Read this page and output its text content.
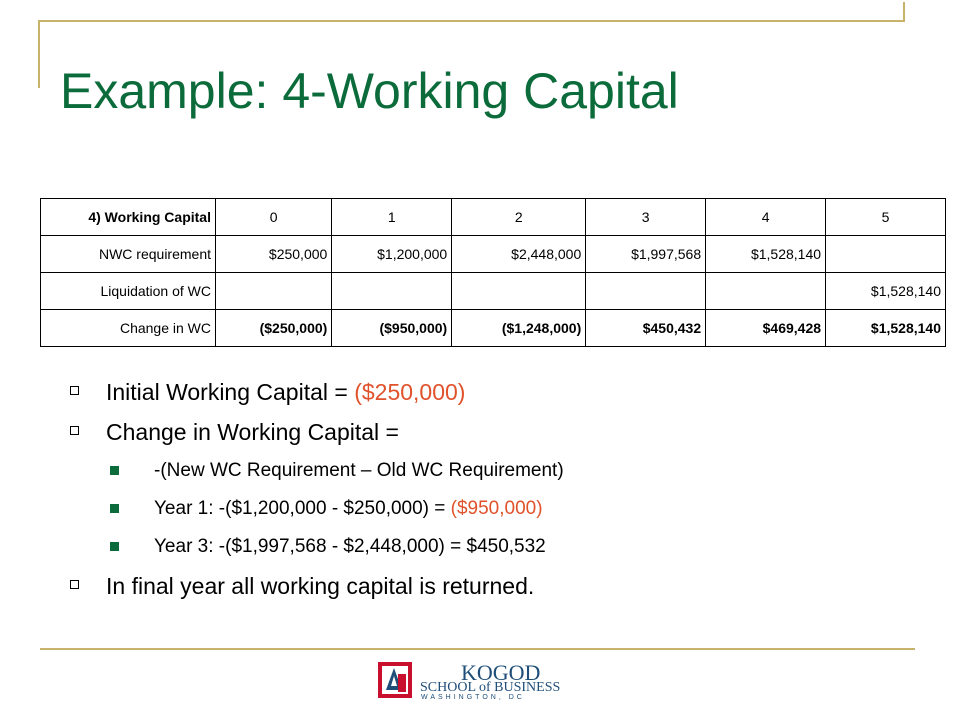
Example: 4-Working Capital
4) Working Capital	0	1	2	3	4	5
NWC requirement	$250,000	$1,200,000	$2,448,000	$1,997,568	$1,528,140	
Liquidation of WC						$1,528,140
Change in WC	($250,000)	($950,000)	($1,248,000)	$450,432	$469,428	$1,528,140
Initial Working Capital = ($250,000)
Change in Working Capital =
-(New WC Requirement – Old WC Requirement)
Year 1: -($1,200,000 - $250,000) = ($950,000)
Year 3: -($1,997,568 - $2,448,000) = $450,532
In final year all working capital is returned.
KOGOD
SCHOOL of BUSINESS
WASHINGTON, DC
